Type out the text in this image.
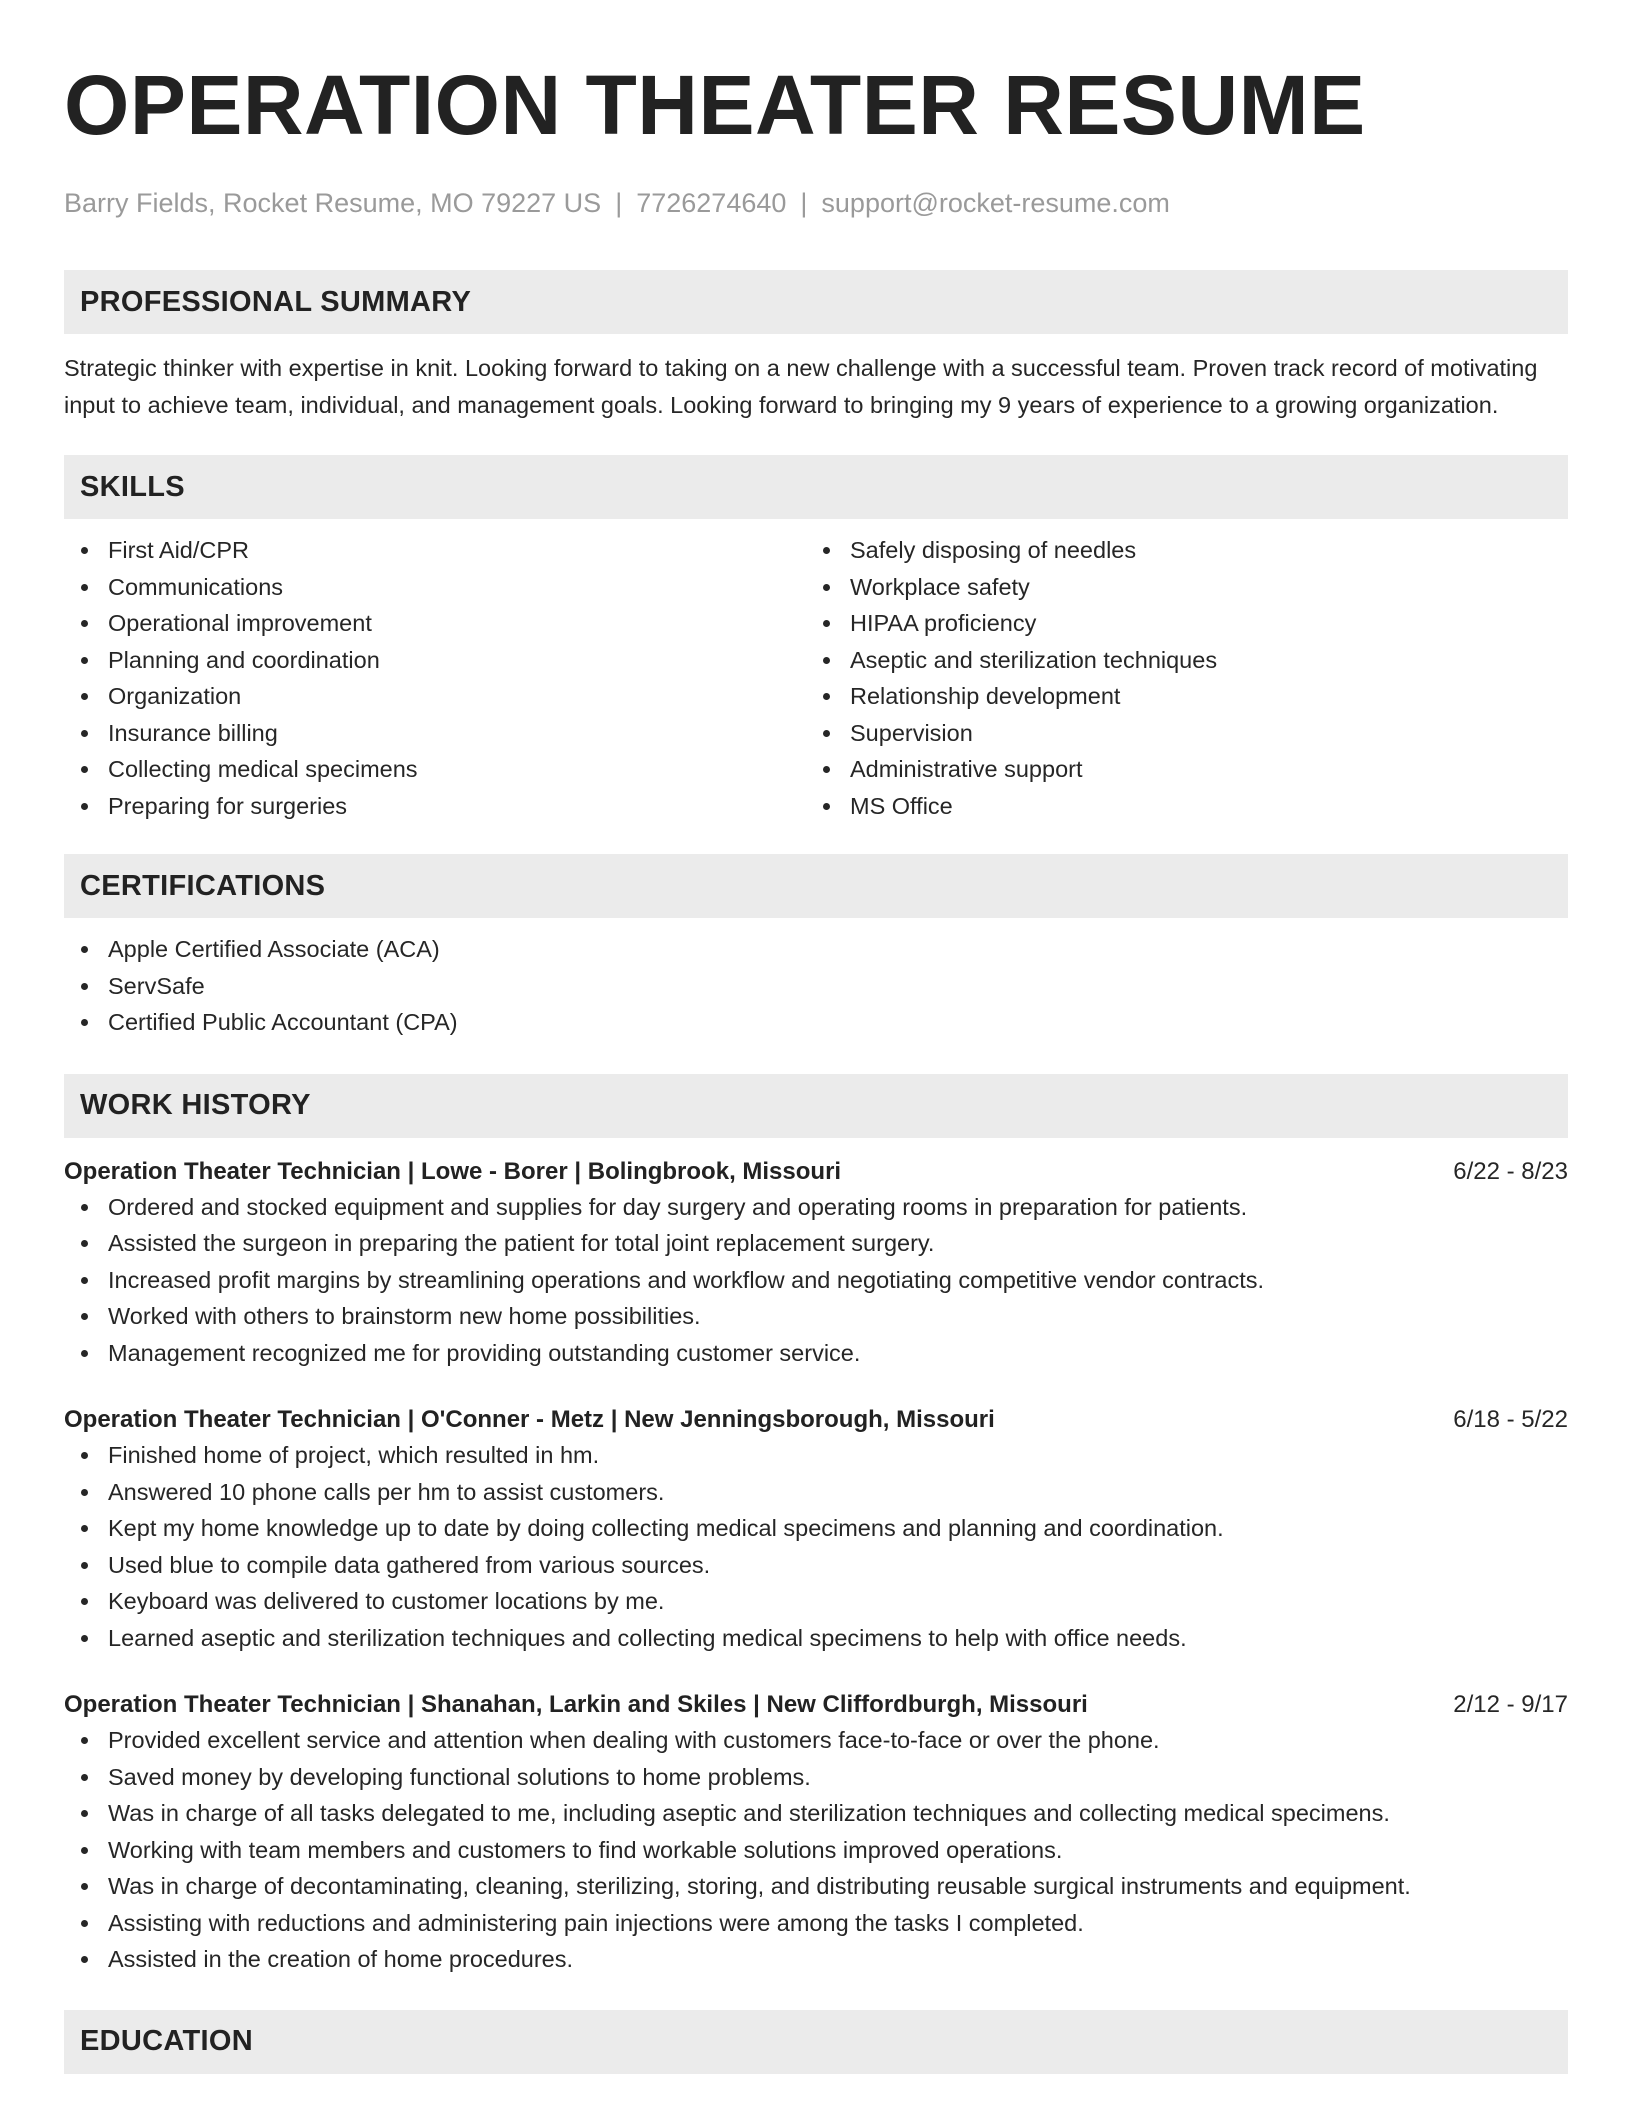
OPERATION THEATER RESUME
Barry Fields, Rocket Resume, MO 79227 US | 7726274640 | support@rocket-resume.com
PROFESSIONAL SUMMARY

Strategic thinker with expertise in knit. Looking forward to taking on a new challenge with a successful team. Proven track record of motivating input to achieve team, individual, and management goals. Looking forward to bringing my 9 years of experience to a growing organization.

SKILLS
First Aid/CPR
Communications
Operational improvement
Planning and coordination
Organization
Insurance billing
Collecting medical specimens
Preparing for surgeries
Safely disposing of needles
Workplace safety
HIPAA proficiency
Aseptic and sterilization techniques
Relationship development
Supervision
Administrative support
MS Office
CERTIFICATIONS
Apple Certified Associate (ACA)
ServSafe
Certified Public Accountant (CPA)
WORK HISTORY
Operation Theater Technician | Lowe - Borer | Bolingbrook, Missouri	6/22 - 8/23
Ordered and stocked equipment and supplies for day surgery and operating rooms in preparation for patients.
Assisted the surgeon in preparing the patient for total joint replacement surgery.
Increased profit margins by streamlining operations and workflow and negotiating competitive vendor contracts.
Worked with others to brainstorm new home possibilities.
Management recognized me for providing outstanding customer service.
Operation Theater Technician | O'Conner - Metz | New Jenningsborough, Missouri	6/18 - 5/22
Finished home of project, which resulted in hm.
Answered 10 phone calls per hm to assist customers.
Kept my home knowledge up to date by doing collecting medical specimens and planning and coordination.
Used blue to compile data gathered from various sources.
Keyboard was delivered to customer locations by me.
Learned aseptic and sterilization techniques and collecting medical specimens to help with office needs.
Operation Theater Technician | Shanahan, Larkin and Skiles | New Cliffordburgh, Missouri	2/12 - 9/17
Provided excellent service and attention when dealing with customers face-to-face or over the phone.
Saved money by developing functional solutions to home problems.
Was in charge of all tasks delegated to me, including aseptic and sterilization techniques and collecting medical specimens.
Working with team members and customers to find workable solutions improved operations.
Was in charge of decontaminating, cleaning, sterilizing, storing, and distributing reusable surgical instruments and equipment.
Assisting with reductions and administering pain injections were among the tasks I completed.
Assisted in the creation of home procedures.
EDUCATION
